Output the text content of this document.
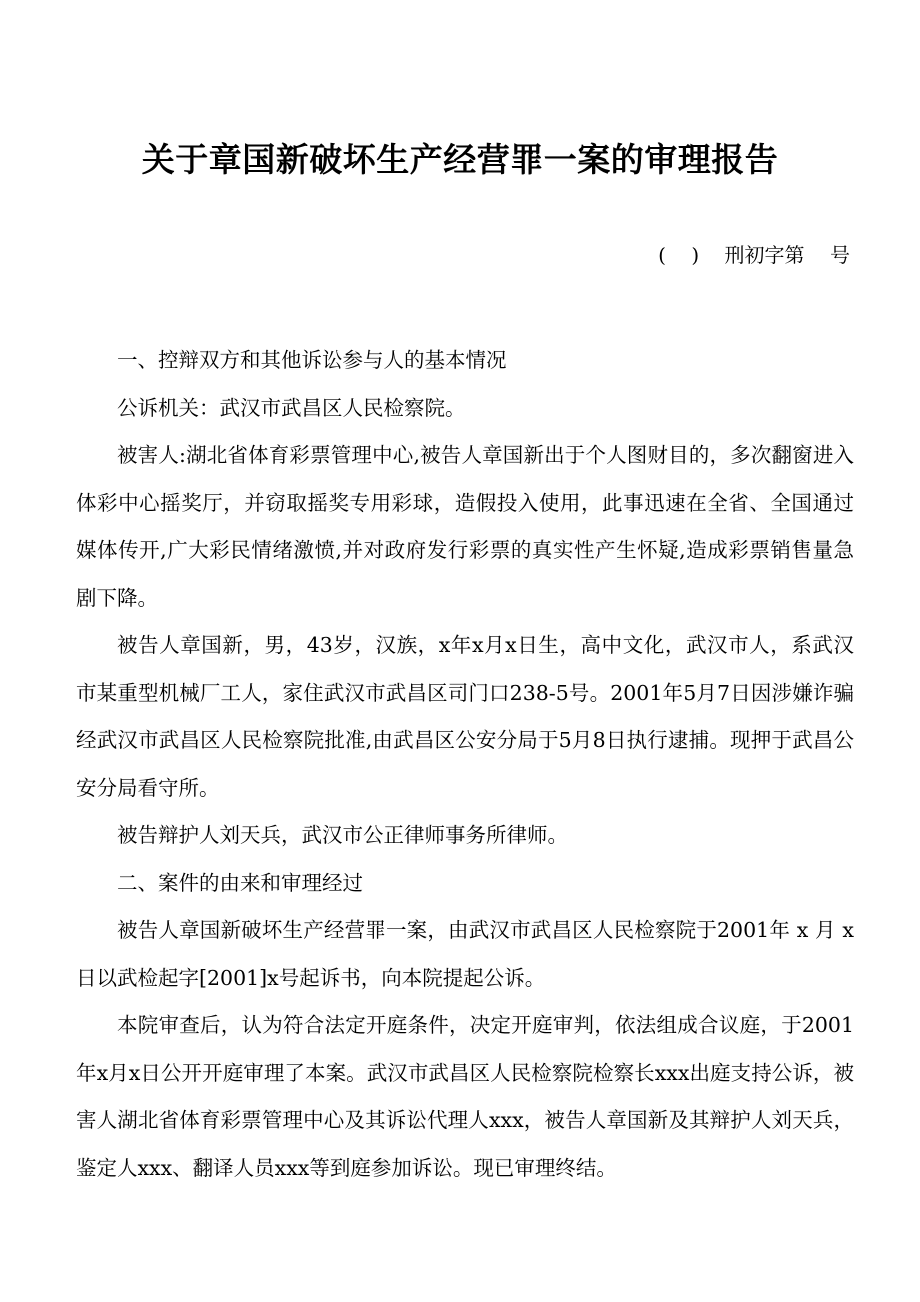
关于章国新破坏生产经营罪一案的审理报告
(    )    刑初字第    号

一、控辩双方和其他诉讼参与人的基本情况

公诉机关：武汉市武昌区人民检察院。

被害人:湖北省体育彩票管理中心,被告人章国新出于个人图财目的，多次翻窗进入体彩中心摇奖厅，并窃取摇奖专用彩球，造假投入使用，此事迅速在全省、全国通过媒体传开,广大彩民情绪激愤,并对政府发行彩票的真实性产生怀疑,造成彩票销售量急剧下降。

被告人章国新，男，43岁，汉族，x年x月x日生，高中文化，武汉市人，系武汉市某重型机械厂工人，家住武汉市武昌区司门口238-5号。2001年5月7日因涉嫌诈骗经武汉市武昌区人民检察院批准,由武昌区公安分局于5月8日执行逮捕。现押于武昌公安分局看守所。

被告辩护人刘天兵，武汉市公正律师事务所律师。

二、案件的由来和审理经过

被告人章国新破坏生产经营罪一案，由武汉市武昌区人民检察院于2001年 x 月 x 日以武检起字[2001]x号起诉书，向本院提起公诉。

本院审查后，认为符合法定开庭条件，决定开庭审判，依法组成合议庭，于2001年x月x日公开开庭审理了本案。武汉市武昌区人民检察院检察长xxx出庭支持公诉，被害人湖北省体育彩票管理中心及其诉讼代理人xxx，被告人章国新及其辩护人刘天兵，鉴定人xxx、翻译人员xxx等到庭参加诉讼。现已审理终结。
